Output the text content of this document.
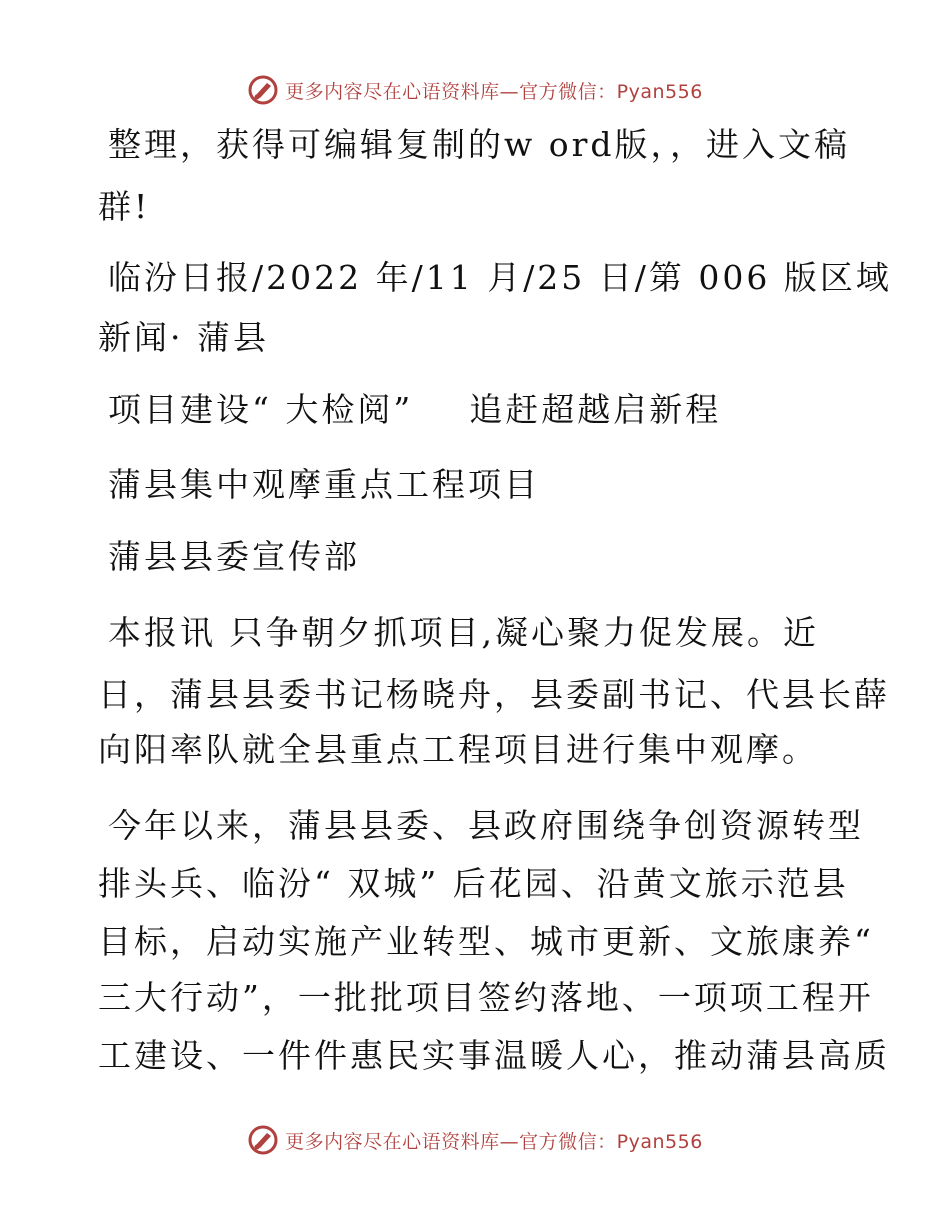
更多内容尽在心语资料库—官方微信：Pyan556
整理，获得可编辑复制的w ord版，，进入文稿
群!
临汾日报/2022 年/11 月/25 日/第 006 版区域
新闻· 蒲县
项目建设“ 大检阅” 追赶超越启新程
蒲县集中观摩重点工程项目
蒲县县委宣传部
本报讯 只争朝夕抓项目,凝心聚力促发展。近
日，蒲县县委书记杨晓舟，县委副书记、代县长薛
向阳率队就全县重点工程项目进行集中观摩。
今年以来，蒲县县委、县政府围绕争创资源转型
排头兵、临汾“ 双城” 后花园、沿黄文旅示范县
目标，启动实施产业转型、城市更新、文旅康养“
三大行动”，一批批项目签约落地、一项项工程开
工建设、一件件惠民实事温暖人心，推动蒲县高质
更多内容尽在心语资料库—官方微信：Pyan556
